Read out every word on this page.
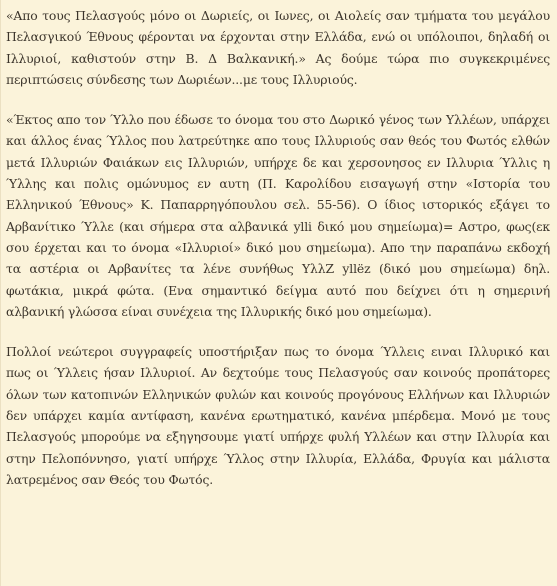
«Απο τους Πελασγούς μόνο οι Δωριείς, οι Ιωνες, οι Αιολείς σαν τμήματα του μεγάλου Πελασγικού Έθνους φέρονται να έρχονται στην Ελλάδα, ενώ οι υπόλοιποι, δηλαδή οι Ιλλυριοί, καθιστούν στην Β. Δ Βαλκανική.» Ας δούμε τώρα πιο συγκεκριμένες περιπτώσεις σύνδεσης των Δωριέων...με τους Ιλλυριούς.

«Έκτος απο τον Ύλλο που έδωσε το όνομα του στο Δωρικό γένος των Υλλέων, υπάρχει και άλλος ένας Ύλλος που λατρεύτηκε απο τους Ιλλυριούς σαν θεός του Φωτός ελθών μετά Ιλλυριών Φαιάκων εις Ιλλυριών, υπήρχε δε και χερσονησος εν Ιλλυρια Ύλλις η Ύλλης και πολις ομώνυμος εν αυτη (Π. Καρολίδου εισαγωγή στην «Ιστορία του Ελληνικού Έθνους» Κ. Παπαρρηγόπουλου σελ. 55-56). Ο ίδιος ιστορικός εξάγει το Αρβανίτικο Ύλλε (και σήμερα στα αλβανικά ylli δικό μου σημείωμα)= Αστρο, φως(εκ σου έρχεται και το όνομα «Ιλλυριοί» δικό μου σημείωμα). Απο την παραπάνω εκδοχή τα αστέρια οι Αρβανίτες τα λένε συνήθως ΥλλΖ yllëz (δικό μου σημείωμα) δηλ. φωτάκια, μικρά φώτα. (Ενα σημαντικό δείγμα αυτό που δείχνει ότι η σημερινή αλβανική γλώσσα είναι συνέχεια της Ιλλυρικής δικό μου σημείωμα).

Πολλοί νεώτεροι συγγραφείς υποστήριξαν πως το όνομα Ύλλεις ειναι Ιλλυρικό και πως οι Ύλλεις ήσαν Ιλλυριοί. Αν δεχτούμε τους Πελασγούς σαν κοινούς προπάτορες όλων των κατοπινών Ελληνικών φυλών και κοινούς προγόνους Ελλήνων και Ιλλυριών δεν υπάρχει καμία αντίφαση, κανένα ερωτηματικό, κανένα μπέρδεμα. Μονό με τους Πελασγούς μπορούμε να εξηγησουμε γιατί υπήρχε φυλή Υλλέων και στην Ιλλυρία και στην Πελοπόννησο, γιατί υπήρχε Ύλλος στην Ιλλυρία, Ελλάδα, Φρυγία και μάλιστα λατρεμένος σαν Θεός του Φωτός.
